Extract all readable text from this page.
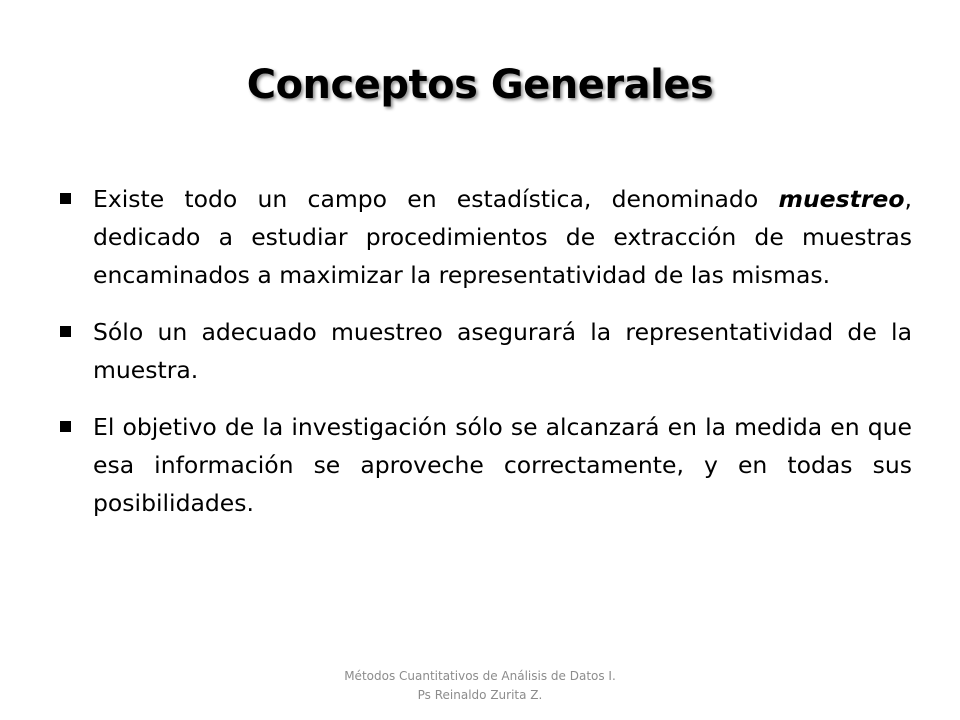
Conceptos Generales
Existe todo un campo en estadística, denominado muestreo, dedicado a estudiar procedimientos de extracción de muestras encaminados a maximizar la representatividad de las mismas.
Sólo un adecuado muestreo asegurará la representatividad de la muestra.
El objetivo de la investigación sólo se alcanzará en la medida en que esa información se aproveche correctamente, y en todas sus posibilidades.
Métodos Cuantitativos de Análisis de Datos I.
Ps Reinaldo Zurita Z.
